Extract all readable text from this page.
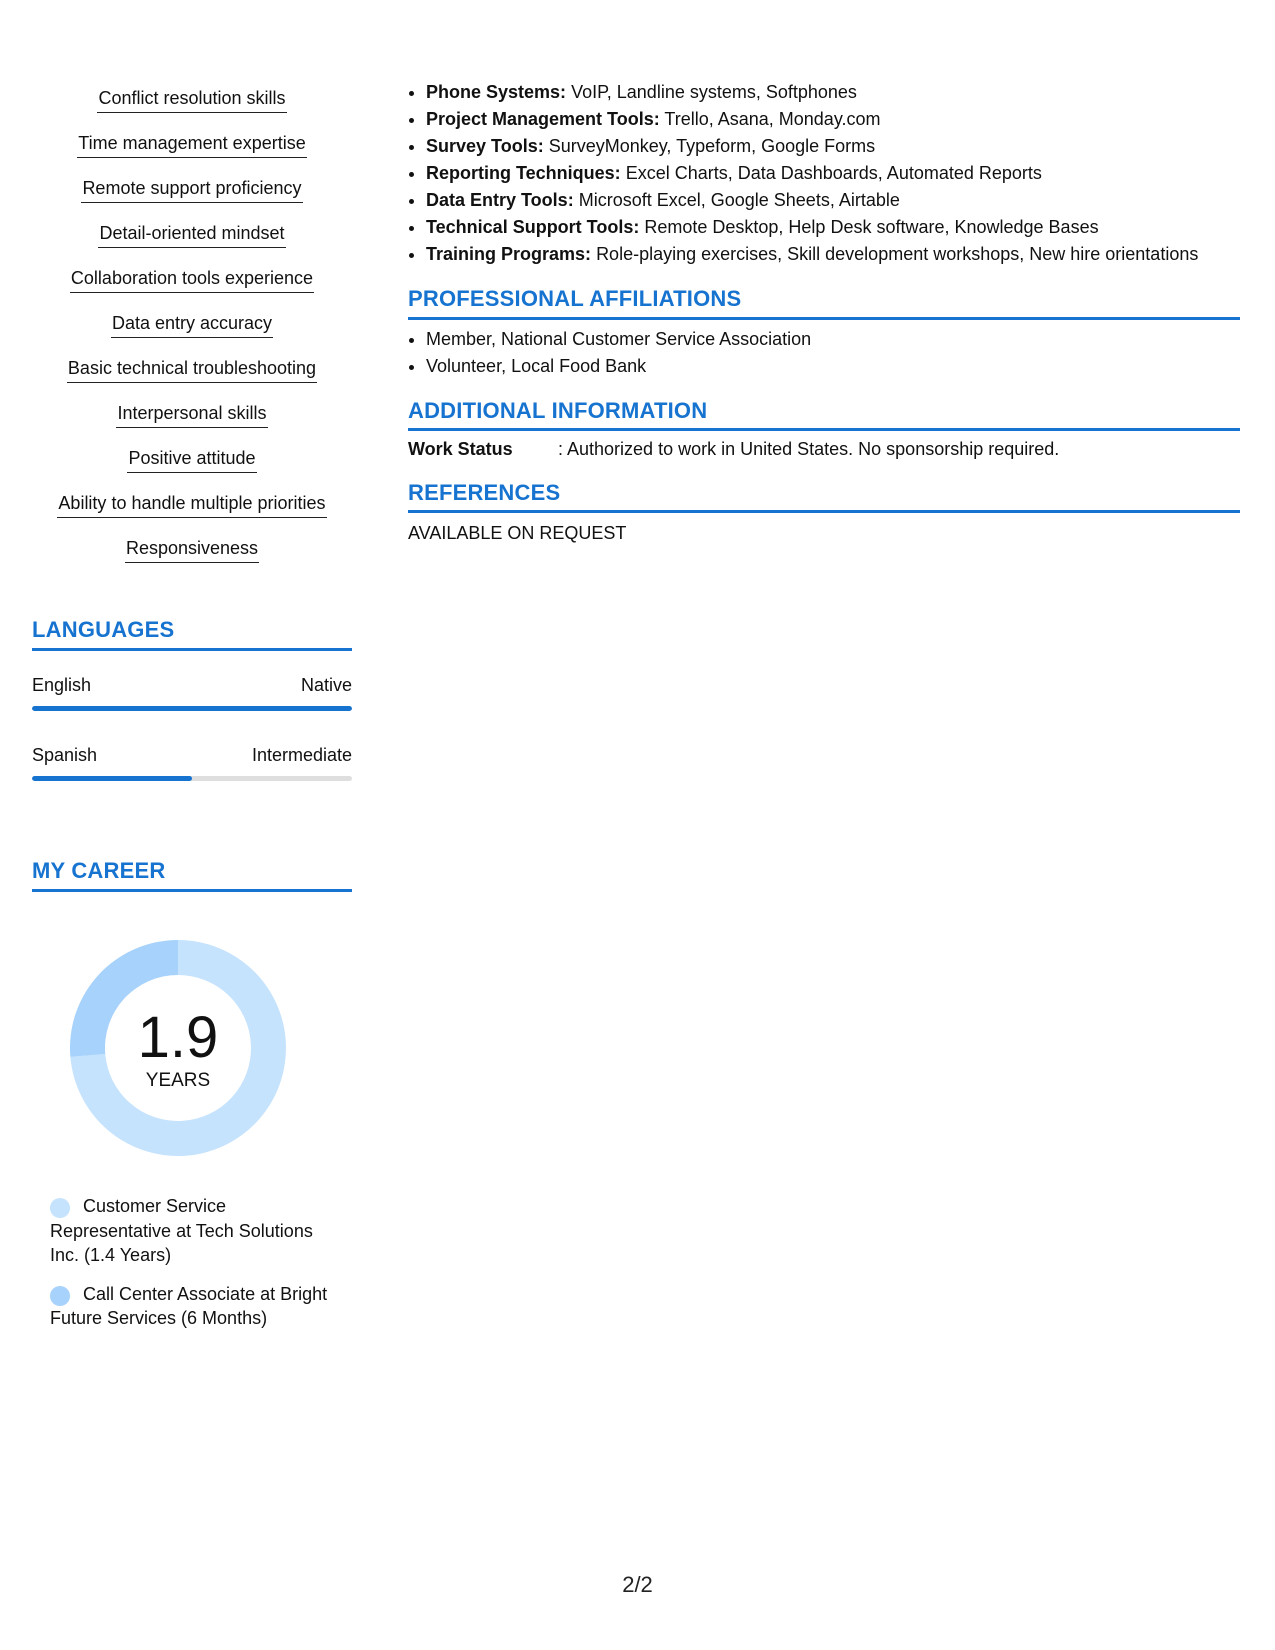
Conflict resolution skills
Time management expertise
Remote support proficiency
Detail-oriented mindset
Collaboration tools experience
Data entry accuracy
Basic technical troubleshooting
Interpersonal skills
Positive attitude
Ability to handle multiple priorities
Responsiveness
LANGUAGES
English	Native
Spanish	Intermediate
MY CAREER
1.9
YEARS
Customer Service Representative at Tech Solutions Inc. (1.4 Years)
Call Center Associate at Bright Future Services (6 Months)
• Phone Systems: VoIP, Landline systems, Softphones
• Project Management Tools: Trello, Asana, Monday.com
• Survey Tools: SurveyMonkey, Typeform, Google Forms
• Reporting Techniques: Excel Charts, Data Dashboards, Automated Reports
• Data Entry Tools: Microsoft Excel, Google Sheets, Airtable
• Technical Support Tools: Remote Desktop, Help Desk software, Knowledge Bases
• Training Programs: Role-playing exercises, Skill development workshops, New hire orientations
PROFESSIONAL AFFILIATIONS
• Member, National Customer Service Association
• Volunteer, Local Food Bank
ADDITIONAL INFORMATION
Work Status	: Authorized to work in United States. No sponsorship required.
REFERENCES
AVAILABLE ON REQUEST
2/2
